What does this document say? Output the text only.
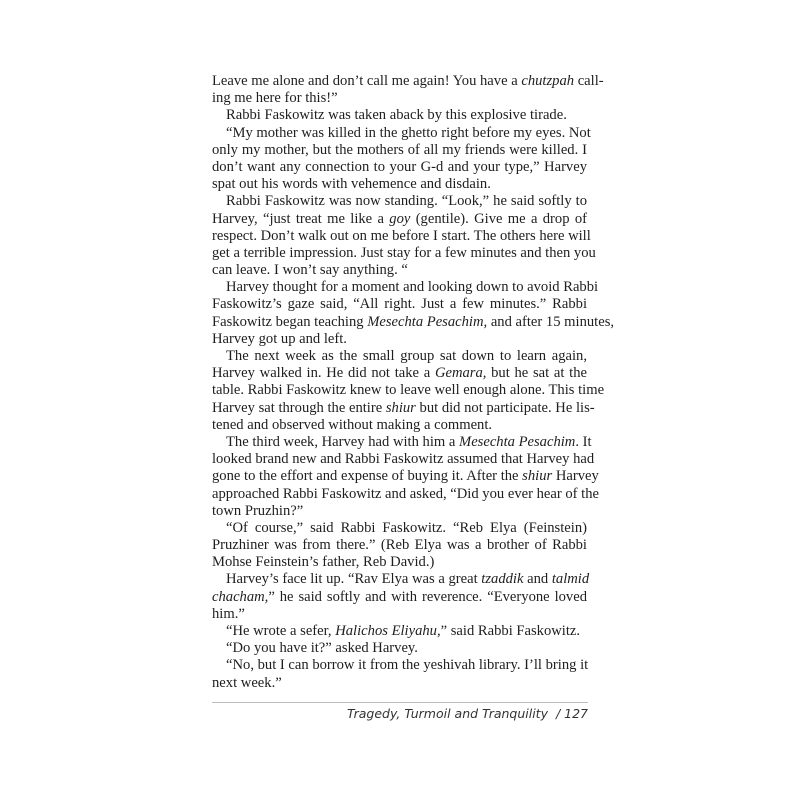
Leave me alone and don’t call me again! You have a chutzpah call-
ing me here for this!”
Rabbi Faskowitz was taken aback by this explosive tirade.
“My mother was killed in the ghetto right before my eyes. Not
only my mother, but the mothers of all my friends were killed. I
don’t want any connection to your G-d and your type,” Harvey
spat out his words with vehemence and disdain.
Rabbi Faskowitz was now standing. “Look,” he said softly to
Harvey, “just treat me like a goy (gentile). Give me a drop of
respect. Don’t walk out on me before I start. The others here will
get a terrible impression. Just stay for a few minutes and then you
can leave. I won’t say anything. “
Harvey thought for a moment and looking down to avoid Rabbi
Faskowitz’s gaze said, “All right. Just a few minutes.” Rabbi
Faskowitz began teaching Mesechta Pesachim, and after 15 minutes,
Harvey got up and left.
The next week as the small group sat down to learn again,
Harvey walked in. He did not take a Gemara, but he sat at the
table. Rabbi Faskowitz knew to leave well enough alone. This time
Harvey sat through the entire shiur but did not participate. He lis-
tened and observed without making a comment.
The third week, Harvey had with him a Mesechta Pesachim. It
looked brand new and Rabbi Faskowitz assumed that Harvey had
gone to the effort and expense of buying it. After the shiur Harvey
approached Rabbi Faskowitz and asked, “Did you ever hear of the
town Pruzhin?”
“Of course,” said Rabbi Faskowitz. “Reb Elya (Feinstein)
Pruzhiner was from there.” (Reb Elya was a brother of Rabbi
Mohse Feinstein’s father, Reb David.)
Harvey’s face lit up. “Rav Elya was a great tzaddik and talmid
chacham,” he said softly and with reverence. “Everyone loved
him.”
“He wrote a sefer, Halichos Eliyahu,” said Rabbi Faskowitz.
“Do you have it?” asked Harvey.
“No, but I can borrow it from the yeshivah library. I’ll bring it
next week.”
Tragedy, Turmoil and Tranquility / 127
